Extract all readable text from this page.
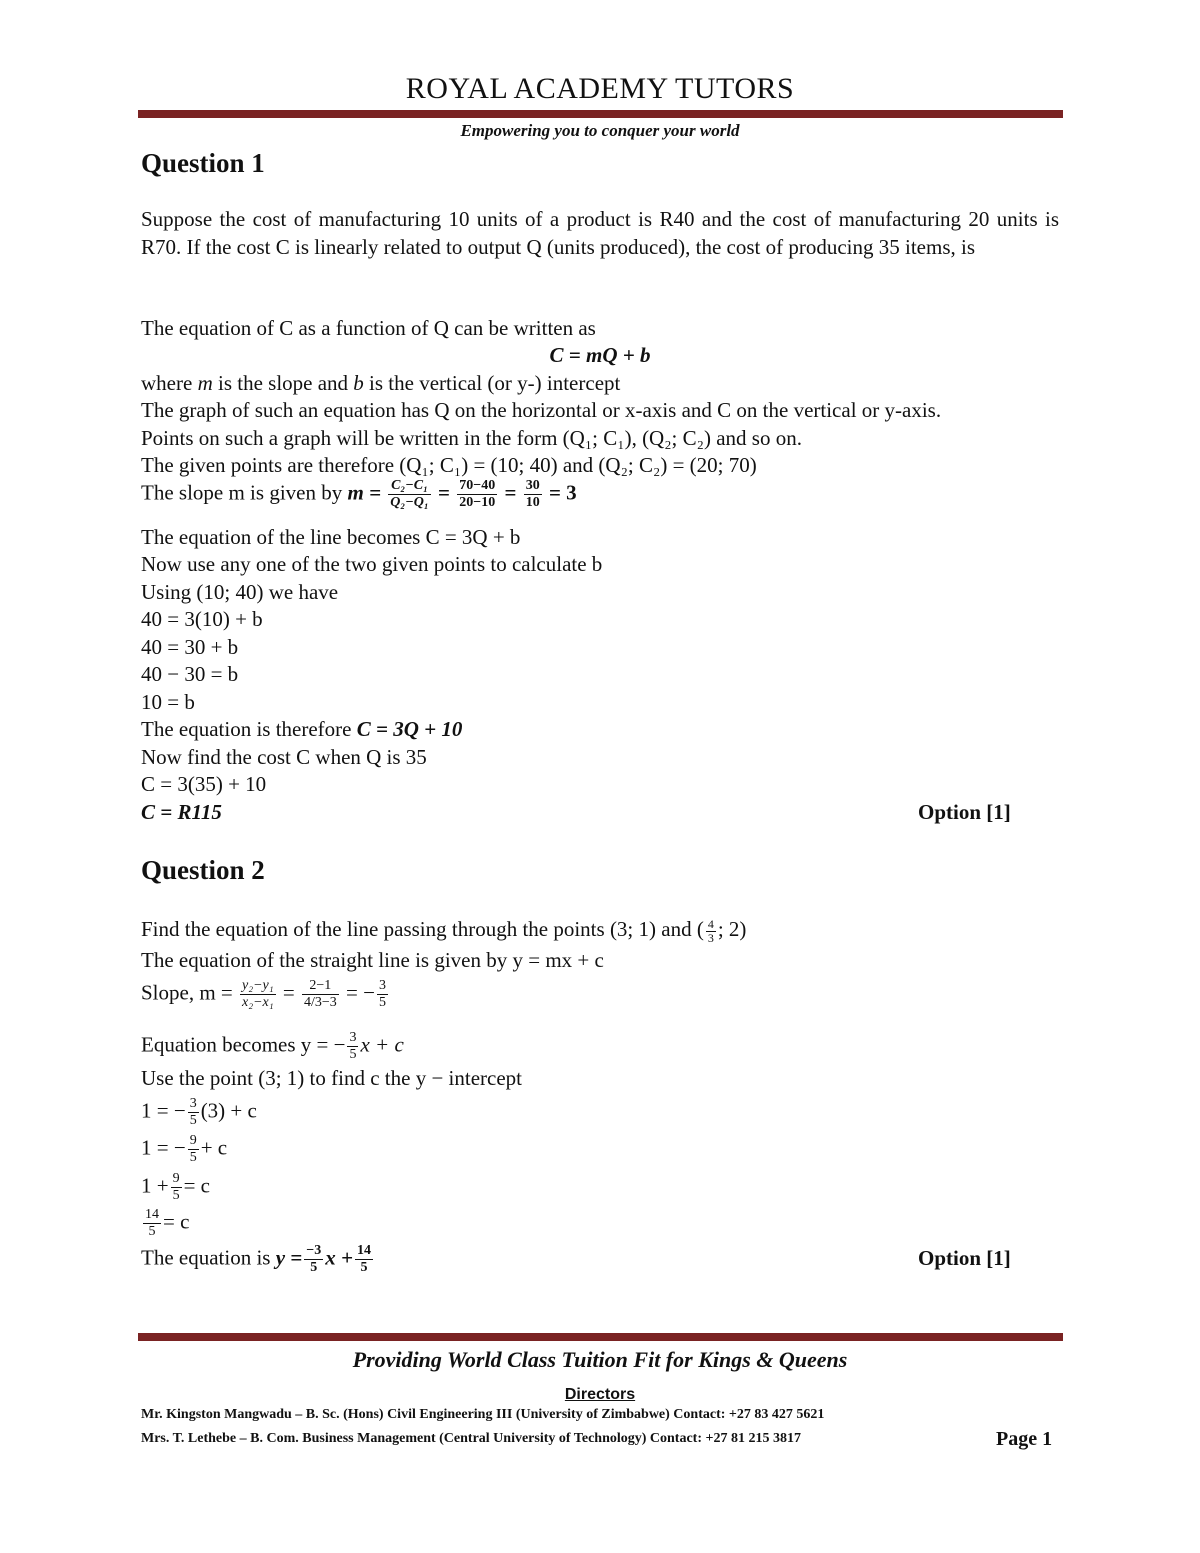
ROYAL ACADEMY TUTORS
Empowering you to conquer your world
Question 1
Suppose the cost of manufacturing 10 units of a product is R40 and the cost of manufacturing 20 units is R70. If the cost C is linearly related to output Q (units produced), the cost of producing 35 items, is
The equation of C as a function of Q can be written as
C = mQ + b
where m is the slope and b is the vertical (or y-) intercept
The graph of such an equation has Q on the horizontal or x-axis and C on the vertical or y-axis.
Points on such a graph will be written in the form (Q₁; C₁), (Q₂; C₂) and so on.
The given points are therefore (Q₁; C₁) = (10; 40) and (Q₂; C₂) = (20; 70)
The slope m is given by $m = \frac{\text{C₂−C₁}}{\text{Q₂−Q₁}} = \frac{70-40}{20-10} = \frac{30}{10} = 3$
The equation of the line becomes C = 3Q + b
Now use any one of the two given points to calculate b
Using (10; 40) we have
40 = 3(10) + b
40 = 30 + b
40 − 30 = b
10 = b
The equation is therefore C = 3Q + 10
Now find the cost C when Q is 35
C = 3(35) + 10
C = R115	Option [1]
Question 2
Find the equation of the line passing through the points (3; 1) and ( $\frac{4}{3}$ ; 2)
The equation of the straight line is given by y = mx + c
Slope, $m = \frac{\text{y₂−y₁}}{\text{x₂−x₁}} = \frac{2-1}{4/3-3}$ = − $\frac{3}{5}$
Equation becomes y = − $\frac{3}{5}$ x + c
Use the point (3; 1) to find c the y − intercept
1 = − $\frac{3}{5} (3) + c$
1 = − $\frac{9}{5} + c$
$1 + \frac{9}{5} = c$
$\frac{14}{5} = c$
The equation is $y = \frac{-3}{5}$ $x + \frac{14}{5}$	Option [1]
Providing World Class Tuition Fit for Kings & Queens
Directors
Mr. Kingston Mangwadu – B. Sc. (Hons) Civil Engineering III (University of Zimbabwe) Contact: +27 83 427 5621
Mrs. T. Lethebe – B. Com. Business Management (Central University of Technology) Contact: +27 81 215 3817	Page 1
